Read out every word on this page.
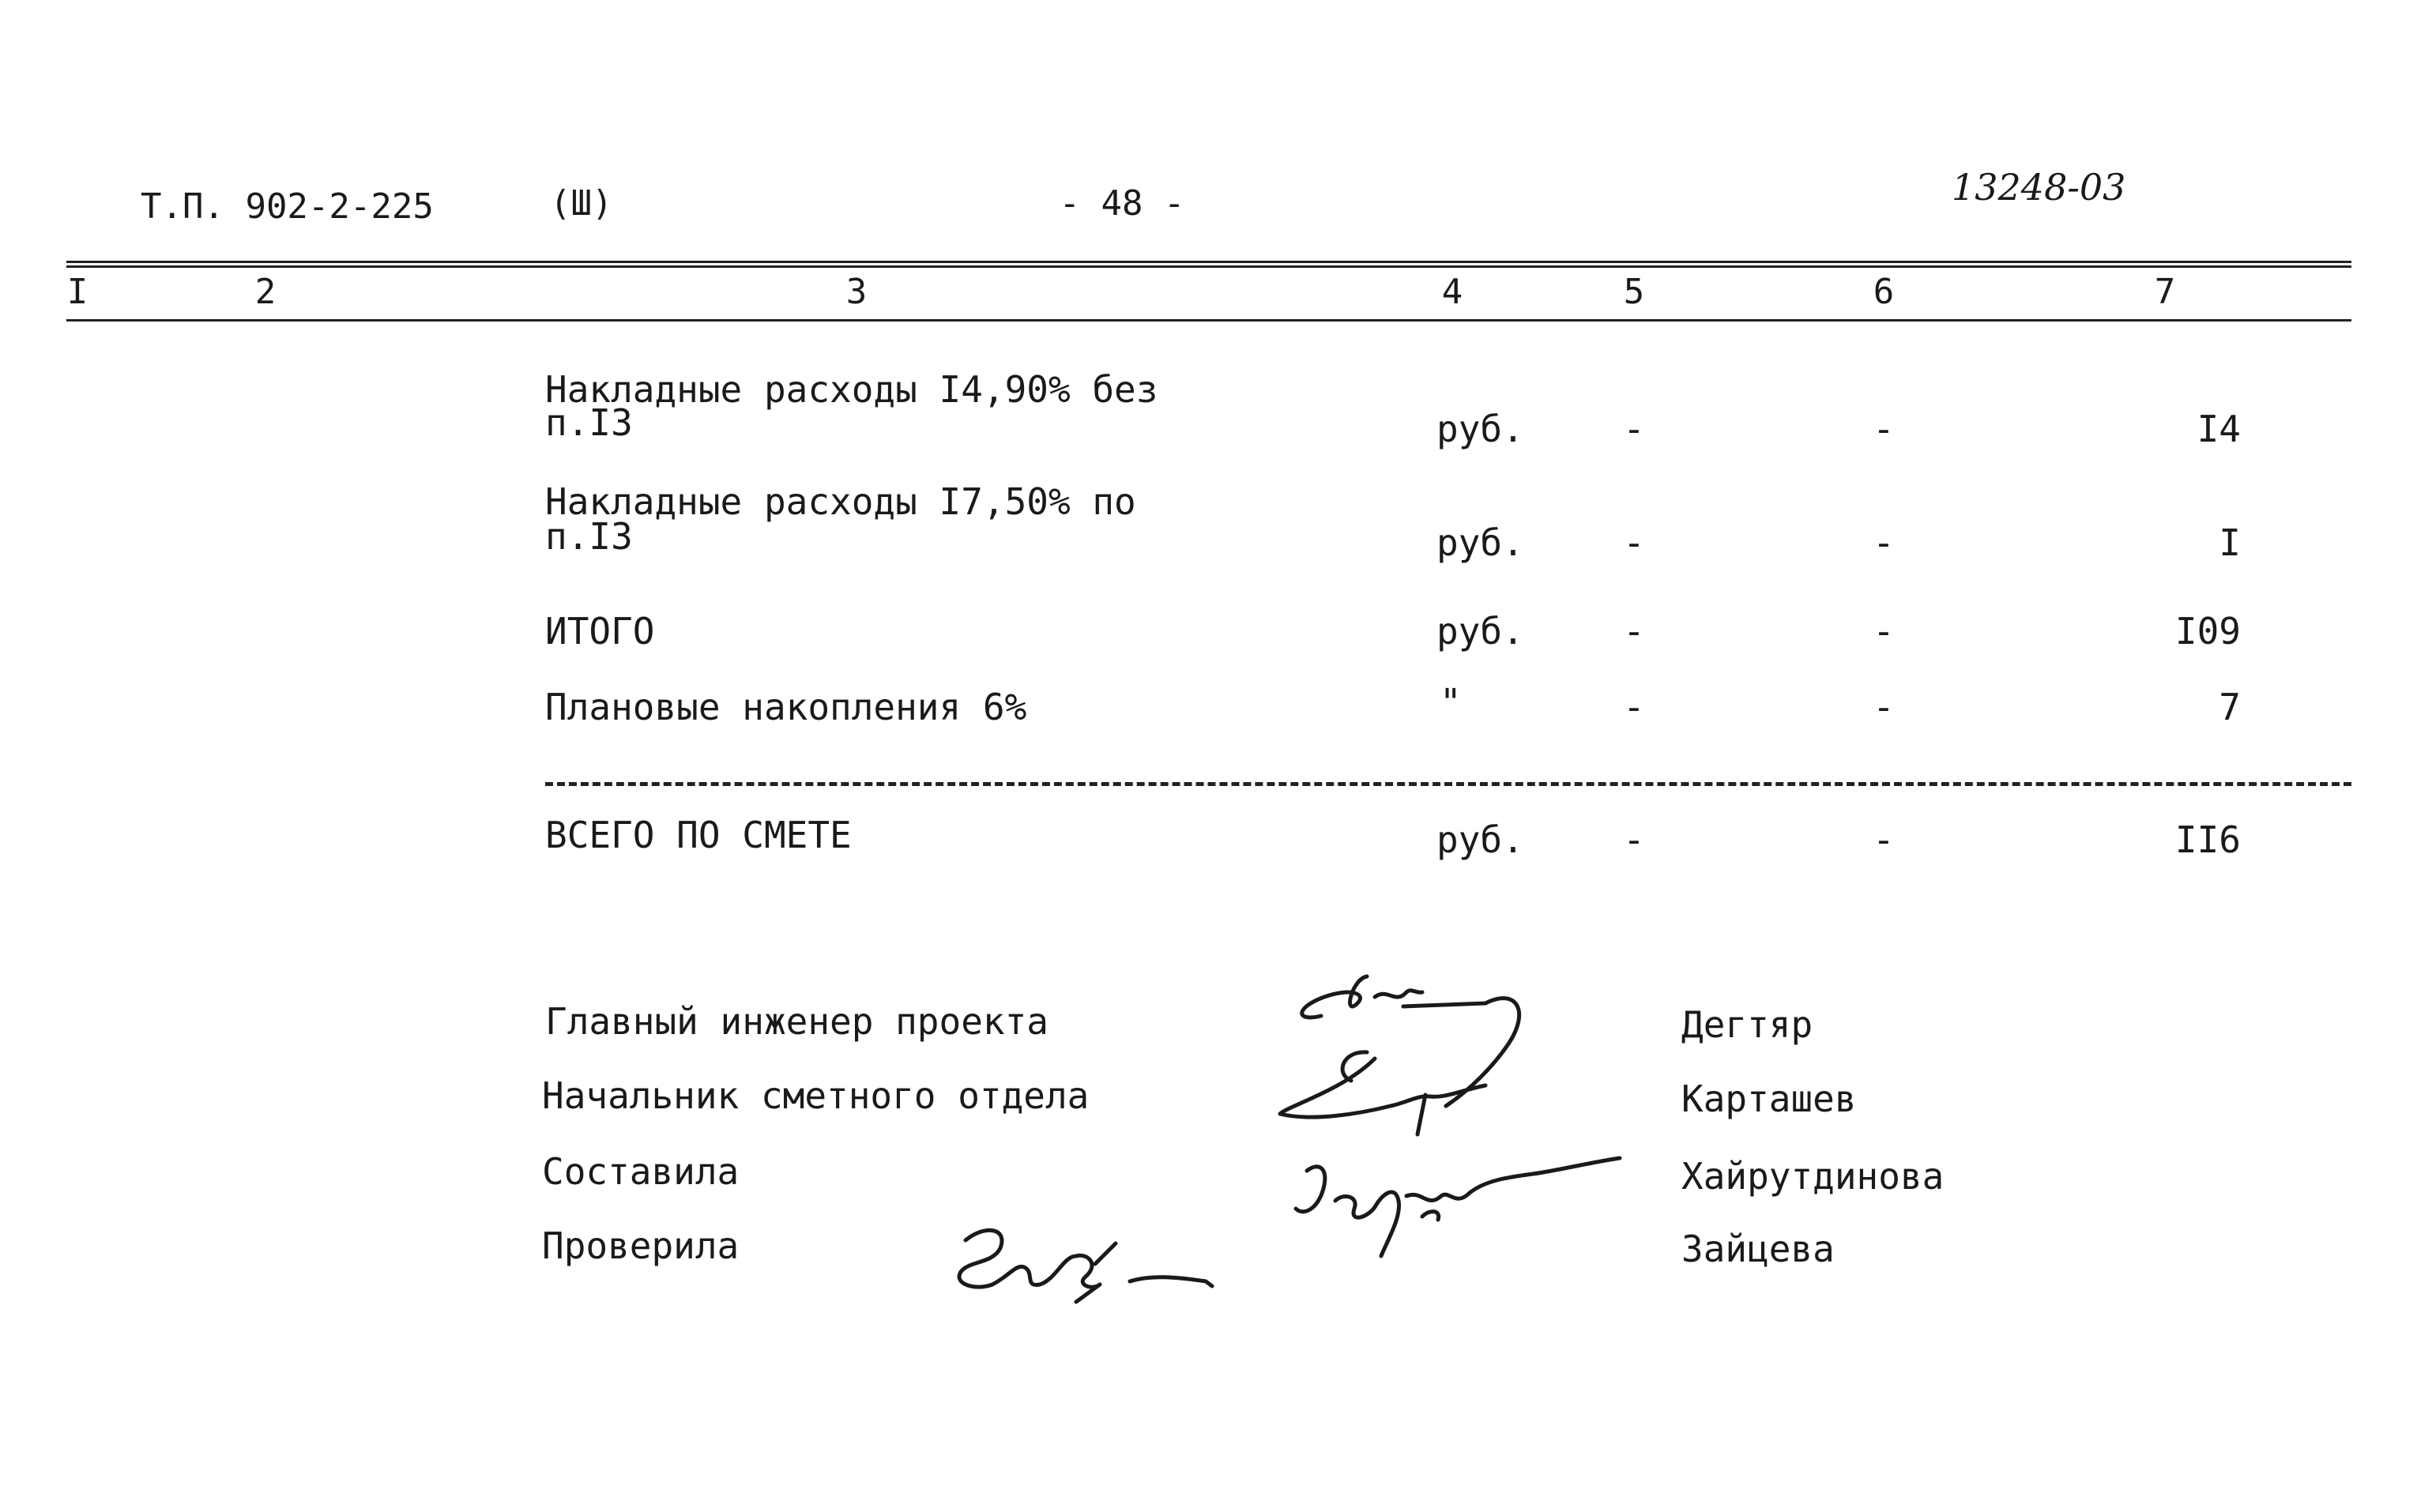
Т.П. 902-2-225	(Ш)	- 48 -	13248-03
I	2	3	4	5	6	7
Накладные расходы I4,90% без
п.I3	руб.	-	-	I4
Накладные расходы I7,50% по
п.I3	руб.	-	-	I
ИТОГО	руб.	-	-	I09
Плановые накопления 6%	"	-	-	7
ВСЕГО ПО СМЕТЕ	руб.	-	-	II6
Главный инженер проекта	Дегтяр
Начальник сметного отдела	Карташев
Составила	Хайрутдинова
Проверила	Зайцева
